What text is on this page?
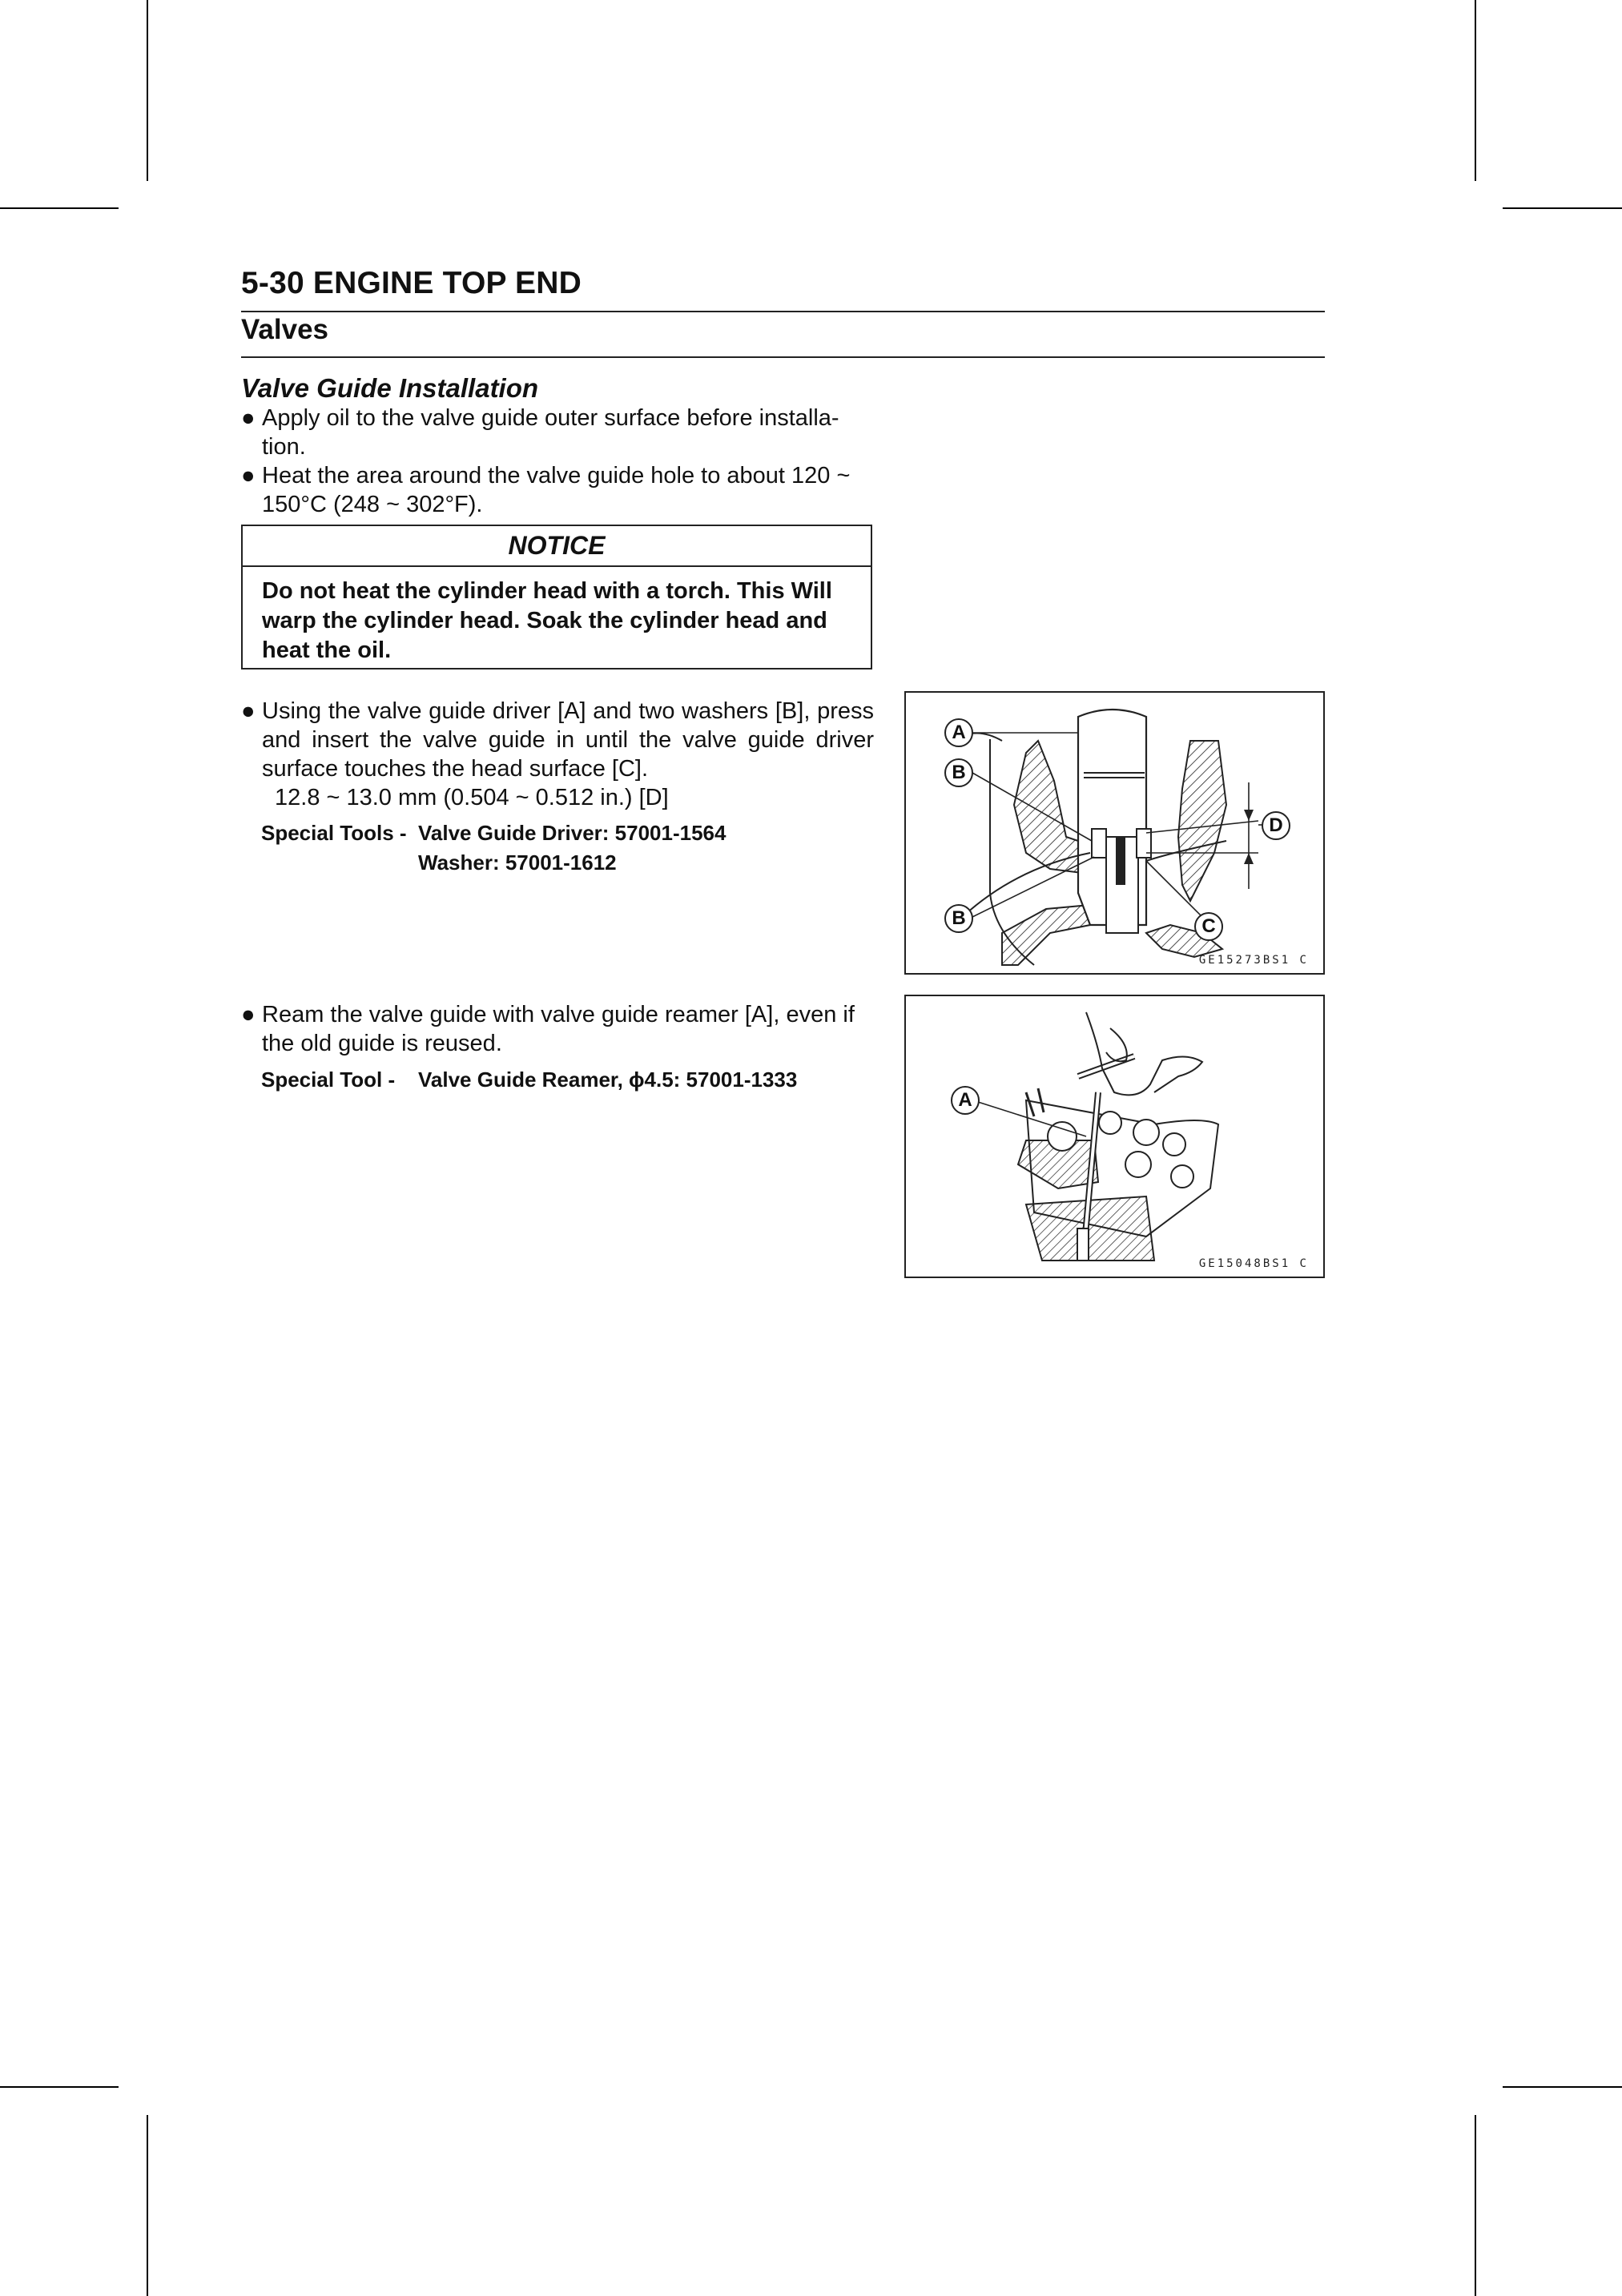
5-30 ENGINE TOP END
Valves
Valve Guide Installation
● Apply oil to the valve guide outer surface before installa-tion.
● Heat the area around the valve guide hole to about 120 ~ 150°C (248 ~ 302°F).
NOTICE
Do not heat the cylinder head with a torch. This Will warp the cylinder head. Soak the cylinder head and heat the oil.
● Using the valve guide driver [A] and two washers [B], press and insert the valve guide in until the valve guide driver surface touches the head surface [C].
12.8 ~ 13.0 mm (0.504 ~ 0.512 in.) [D]
Special Tools - Valve Guide Driver: 57001-1564
Washer: 57001-1612
A
B
B	C
D
GE15273BS1 C
● Ream the valve guide with valve guide reamer [A], even if the old guide is reused.
Special Tool - Valve Guide Reamer, ϕ4.5: 57001-1333
A
GE15048BS1 C
